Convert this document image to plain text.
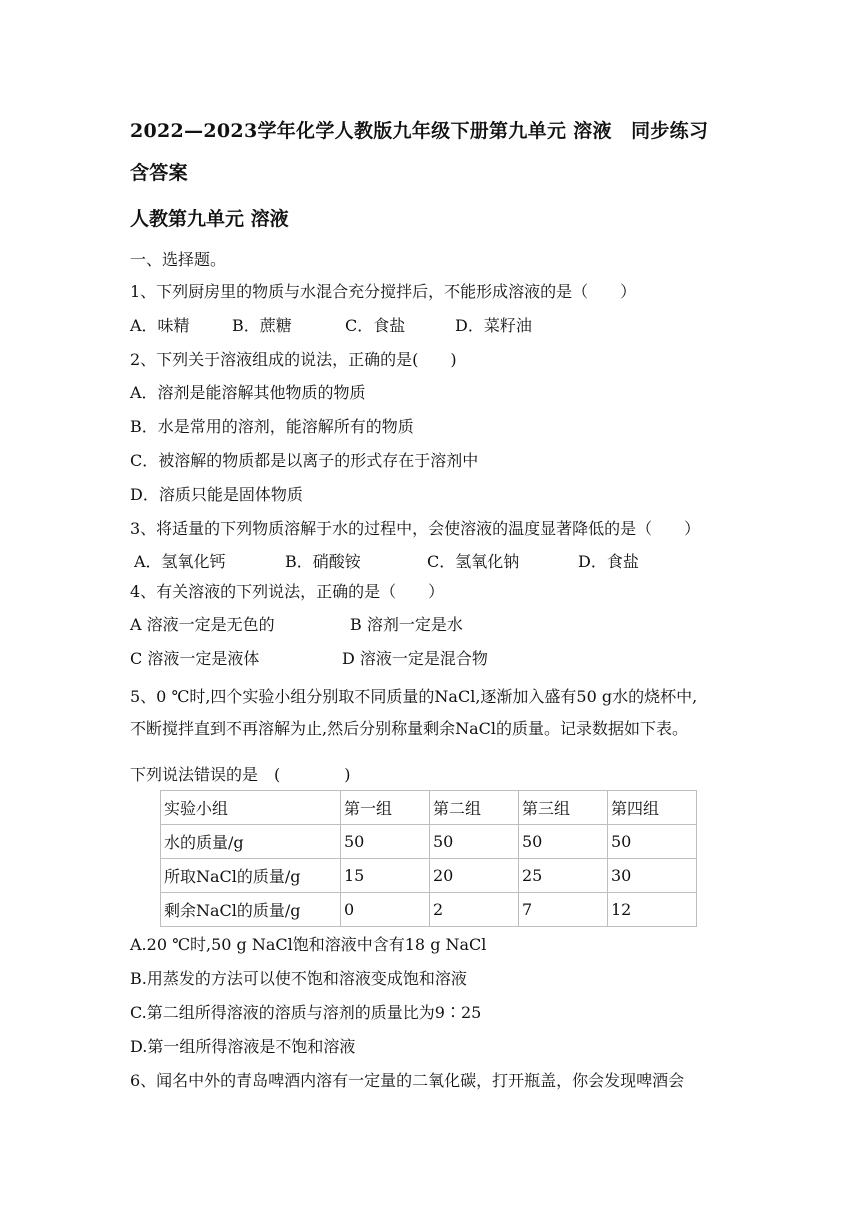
2022—2023学年化学人教版九年级下册第九单元 溶液　同步练习
含答案
人教第九单元 溶液
一、选择题。
1、下列厨房里的物质与水混合充分搅拌后，不能形成溶液的是（　　）
A．味精	B．蔗糖	C．食盐	D．菜籽油
2、下列关于溶液组成的说法，正确的是(　　)
A．溶剂是能溶解其他物质的物质
B．水是常用的溶剂，能溶解所有的物质
C．被溶解的物质都是以离子的形式存在于溶剂中
D．溶质只能是固体物质
3、将适量的下列物质溶解于水的过程中，会使溶液的温度显著降低的是（　　）
A．氢氧化钙	B．硝酸铵	C．氢氧化钠	D．食盐
4、有关溶液的下列说法，正确的是（　　）
A 溶液一定是无色的	B 溶剂一定是水
C 溶液一定是液体	D 溶液一定是混合物
5、0 ℃时,四个实验小组分别取不同质量的NaCl,逐渐加入盛有50 g水的烧杯中,
不断搅拌直到不再溶解为止,然后分别称量剩余NaCl的质量。记录数据如下表。
下列说法错误的是　(　　　　)
实验小组	第一组	第二组	第三组	第四组
水的质量/g	50	50	50	50
所取NaCl的质量/g	15	20	25	30
剩余NaCl的质量/g	0	2	7	12
A.20 ℃时,50 g NaCl饱和溶液中含有18 g NaCl
B.用蒸发的方法可以使不饱和溶液变成饱和溶液
C.第二组所得溶液的溶质与溶剂的质量比为9∶25
D.第一组所得溶液是不饱和溶液
6、闻名中外的青岛啤酒内溶有一定量的二氧化碳，打开瓶盖，你会发现啤酒会
